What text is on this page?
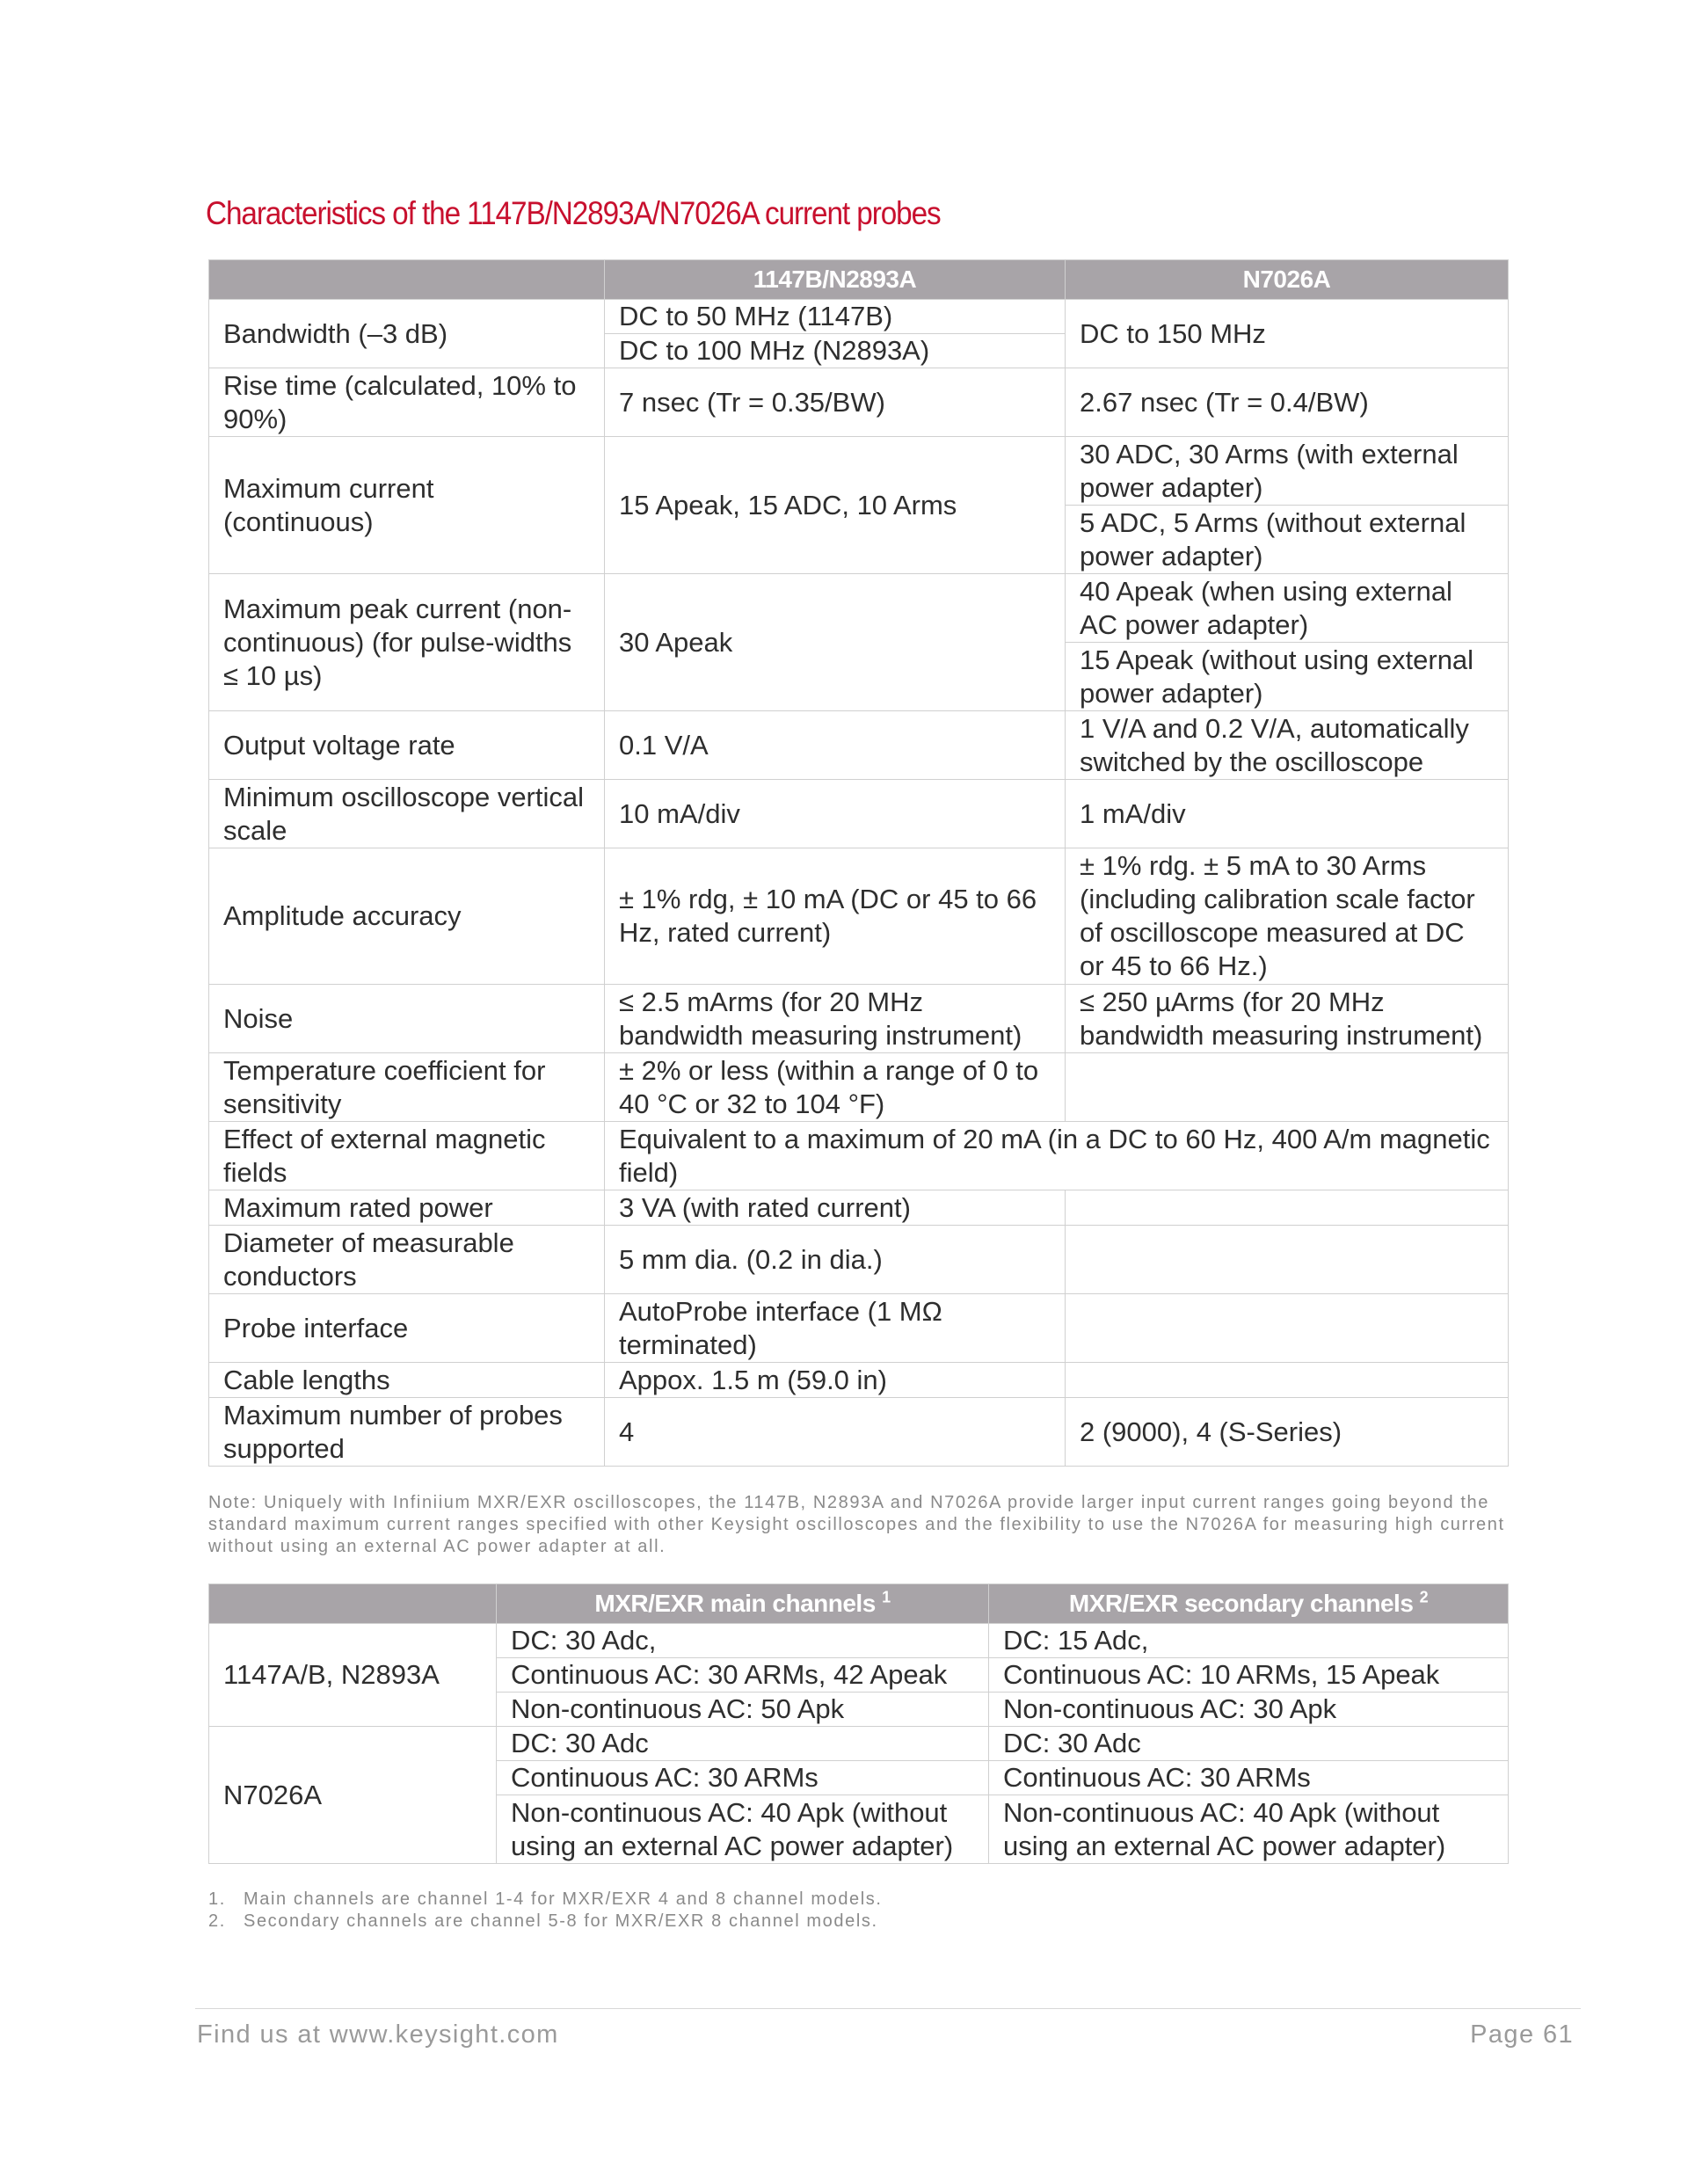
Characteristics of the 1147B/N2893A/N7026A current probes
	1147B/N2893A	N7026A
Bandwidth (–3 dB)	DC to 50 MHz (1147B)	DC to 150 MHz
	DC to 100 MHz (N2893A)	
Rise time (calculated, 10% to 90%)	7 nsec (Tr = 0.35/BW)	2.67 nsec (Tr = 0.4/BW)
Maximum current (continuous)	15 Apeak, 15 ADC, 10 Arms	30 ADC, 30 Arms (with external power adapter)
		5 ADC, 5 Arms (without external power adapter)
Maximum peak current (non-continuous) (for pulse-widths ≤ 10 µs)	30 Apeak	40 Apeak (when using external AC power adapter)
		15 Apeak (without using external power adapter)
Output voltage rate	0.1 V/A	1 V/A and 0.2 V/A, automatically switched by the oscilloscope
Minimum oscilloscope vertical scale	10 mA/div	1 mA/div
Amplitude accuracy	± 1% rdg, ± 10 mA (DC or 45 to 66 Hz, rated current)	± 1% rdg. ± 5 mA to 30 Arms (including calibration scale factor of oscilloscope measured at DC or 45 to 66 Hz.)
Noise	≤ 2.5 mArms (for 20 MHz bandwidth measuring instrument)	≤ 250 µArms (for 20 MHz bandwidth measuring instrument)
Temperature coefficient for sensitivity	± 2% or less (within a range of 0 to 40 °C or 32 to 104 °F)	
Effect of external magnetic fields	Equivalent to a maximum of 20 mA (in a DC to 60 Hz, 400 A/m magnetic field)	
Maximum rated power	3 VA (with rated current)	
Diameter of measurable conductors	5 mm dia. (0.2 in dia.)	
Probe interface	AutoProbe interface (1 MΩ terminated)	
Cable lengths	Appox. 1.5 m (59.0 in)	
Maximum number of probes supported	4	2 (9000), 4 (S-Series)
Note: Uniquely with Infiniium MXR/EXR oscilloscopes, the 1147B, N2893A and N7026A provide larger input current ranges going beyond the standard maximum current ranges specified with other Keysight oscilloscopes and the flexibility to use the N7026A for measuring high current without using an external AC power adapter at all.
	MXR/EXR main channels $^1$	MXR/EXR secondary channels $^2$
1147A/B, N2893A	DC: 30 Adc,	DC: 15 Adc,
	Continuous AC: 30 ARMs, 42 Apeak	Continuous AC: 10 ARMs, 15 Apeak
	Non-continuous AC: 50 Apk	Non-continuous AC: 30 Apk
N7026A	DC: 30 Adc	DC: 30 Adc
	Continuous AC: 30 ARMs	Continuous AC: 30 ARMs
	Non-continuous AC: 40 Apk (without using an external AC power adapter)	Non-continuous AC: 40 Apk (without using an external AC power adapter)
1. Main channels are channel 1-4 for MXR/EXR 4 and 8 channel models.
2. Secondary channels are channel 5-8 for MXR/EXR 8 channel models.
Find us at www.keysight.com	Page 61
